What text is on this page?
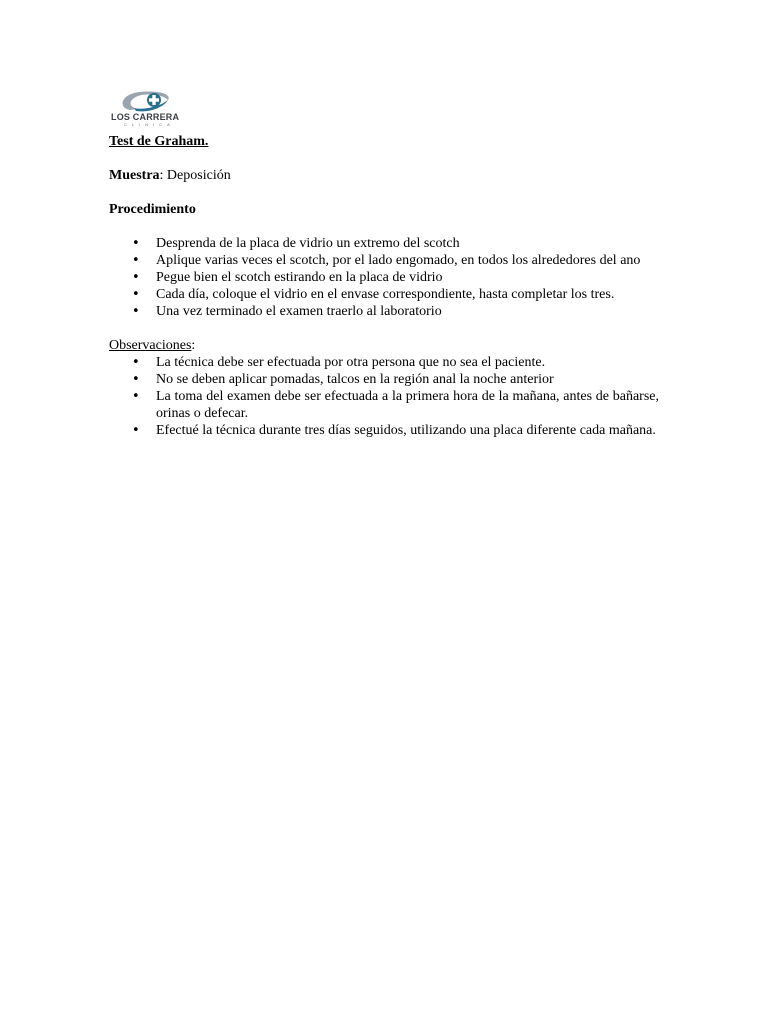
LOS CARRERA
CLINICA

Test de Graham.

Muestra: Deposición

Procedimiento

• Desprenda de la placa de vidrio un extremo del scotch
• Aplique varias veces el scotch, por el lado engomado, en todos los alrededores del ano
• Pegue bien el scotch estirando en la placa de vidrio
• Cada día, coloque el vidrio en el envase correspondiente, hasta completar los tres.
• Una vez terminado el examen traerlo al laboratorio

Observaciones:

• La técnica debe ser efectuada por otra persona que no sea el paciente.
• No se deben aplicar pomadas, talcos en la región anal la noche anterior
• La toma del examen debe ser efectuada a la primera hora de la mañana, antes de bañarse, orinas o defecar.
• Efectué la técnica durante tres días seguidos, utilizando una placa diferente cada mañana.
